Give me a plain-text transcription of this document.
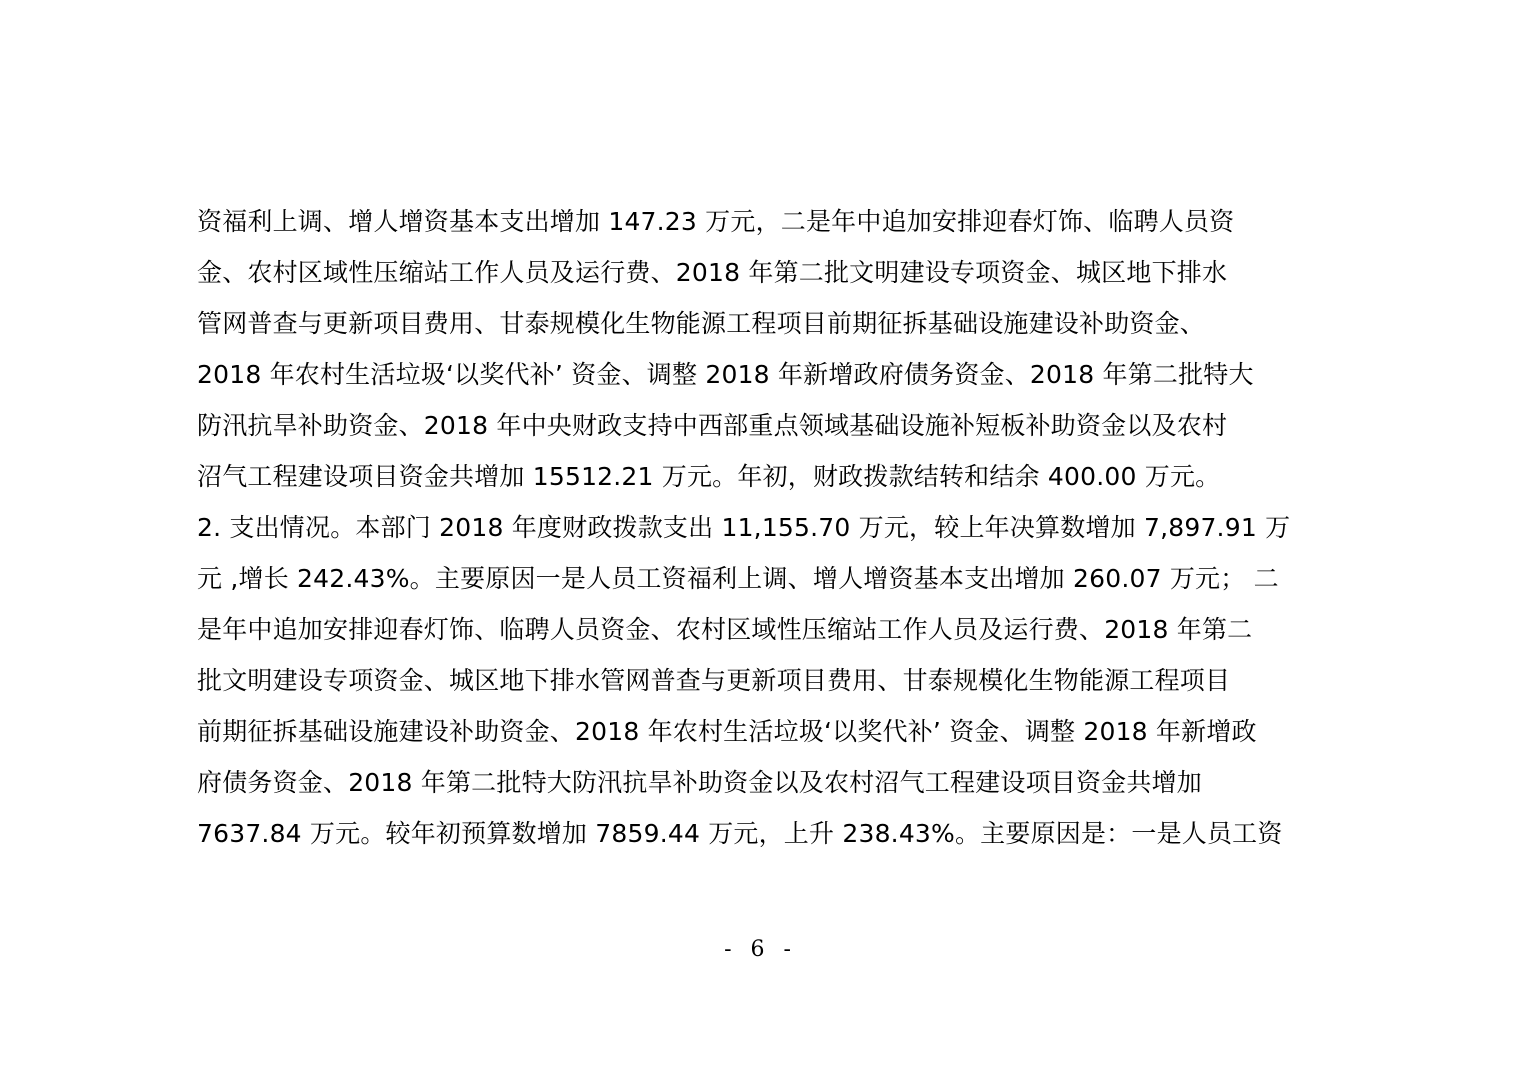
资福利上调、增人增资基本支出增加 147.23 万元，二是年中追加安排迎春灯饰、临聘人员资
金、农村区域性压缩站工作人员及运行费、2018 年第二批文明建设专项资金、城区地下排水
管网普查与更新项目费用、甘泰规模化生物能源工程项目前期征拆基础设施建设补助资金、
2018 年农村生活垃圾‘以奖代补’ 资金、调整 2018 年新增政府债务资金、2018 年第二批特大
防汛抗旱补助资金、2018 年中央财政支持中西部重点领域基础设施补短板补助资金以及农村
沼气工程建设项目资金共增加 15512.21 万元。年初，财政拨款结转和结余 400.00 万元。
2. 支出情况。本部门 2018 年度财政拨款支出 11,155.70 万元，较上年决算数增加 7,897.91 万
元 ,增长 242.43%。主要原因一是人员工资福利上调、增人增资基本支出增加 260.07 万元； 二
是年中追加安排迎春灯饰、临聘人员资金、农村区域性压缩站工作人员及运行费、2018 年第二
批文明建设专项资金、城区地下排水管网普查与更新项目费用、甘泰规模化生物能源工程项目
前期征拆基础设施建设补助资金、2018 年农村生活垃圾‘以奖代补’ 资金、调整 2018 年新增政
府债务资金、2018 年第二批特大防汛抗旱补助资金以及农村沼气工程建设项目资金共增加
7637.84 万元。较年初预算数增加 7859.44 万元，上升 238.43%。主要原因是：一是人员工资
- 6 -
